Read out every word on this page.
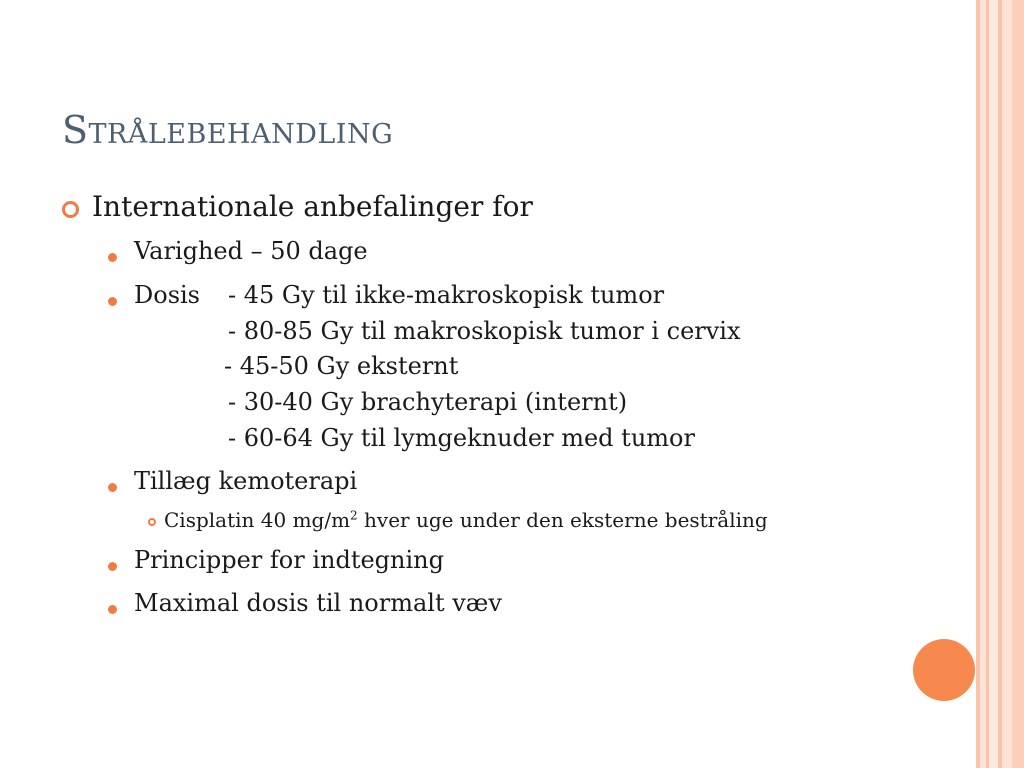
Strålebehandling
Internationale anbefalinger for
Varighed – 50 dage
Dosis - 45 Gy til ikke-makroskopisk tumor
- 80-85 Gy til makroskopisk tumor i cervix
- 45-50 Gy eksternt
- 30-40 Gy brachyterapi (internt)
- 60-64 Gy til lymgeknuder med tumor
Tillæg kemoterapi
Cisplatin 40 $mg/m^2$ hver uge under den eksterne bestråling
Principper for indtegning
Maximal dosis til normalt væv
